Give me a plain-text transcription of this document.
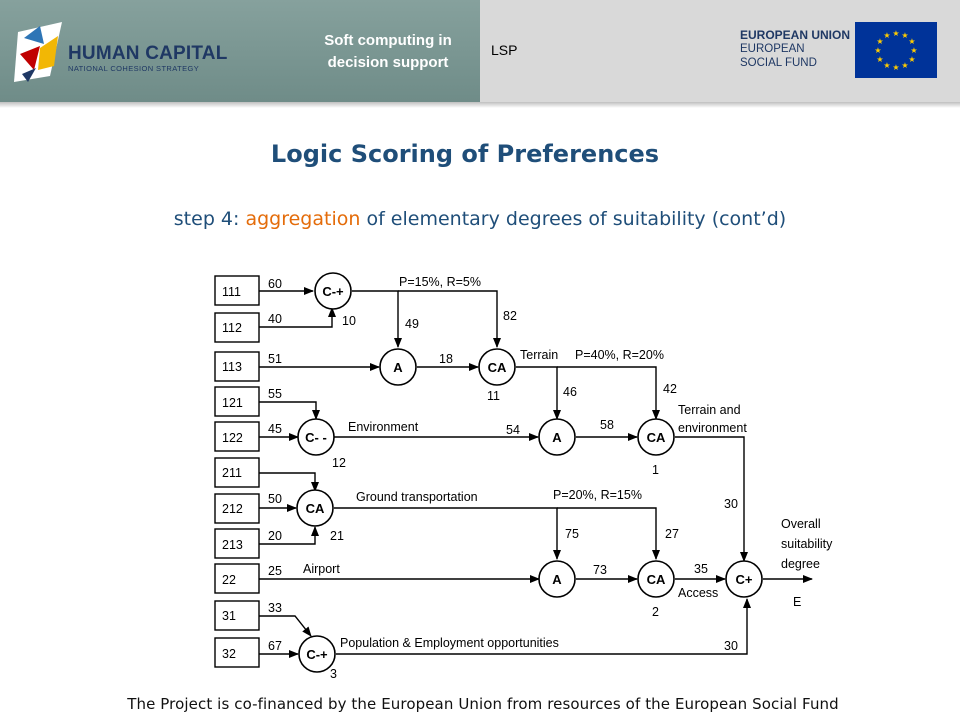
HUMAN CAPITAL
NATIONAL COHESION STRATEGY
Soft computing in
decision support
LSP
EUROPEAN UNION
EUROPEAN
SOCIAL FUND
★ ★
★
★
★
★
★
★
★
★
★
★
Logic Scoring of Preferences
step 4: aggregation of elementary degrees of suitability (cont’d)
111
112
113
121
122
211
212
213
22
31
32
C-+
A	CA
C- -	A	CA
CA
A	CA	C+
C-+
60
40	10
51
49
18
82
11
55
45
12
54
46
58
42
1
30
50
20	21	75	27
30
25	73	35
2
33
67
3
P=15%, R=5%
Terrain P=40%, R=20%
Environment
Terrain and
environment
P=20%, R=15%
Ground transportation
Airport
Access
Population & Employment opportunities
Overall
suitability
degree
E
The Project is co-financed by the European Union from resources of the European Social Fund
